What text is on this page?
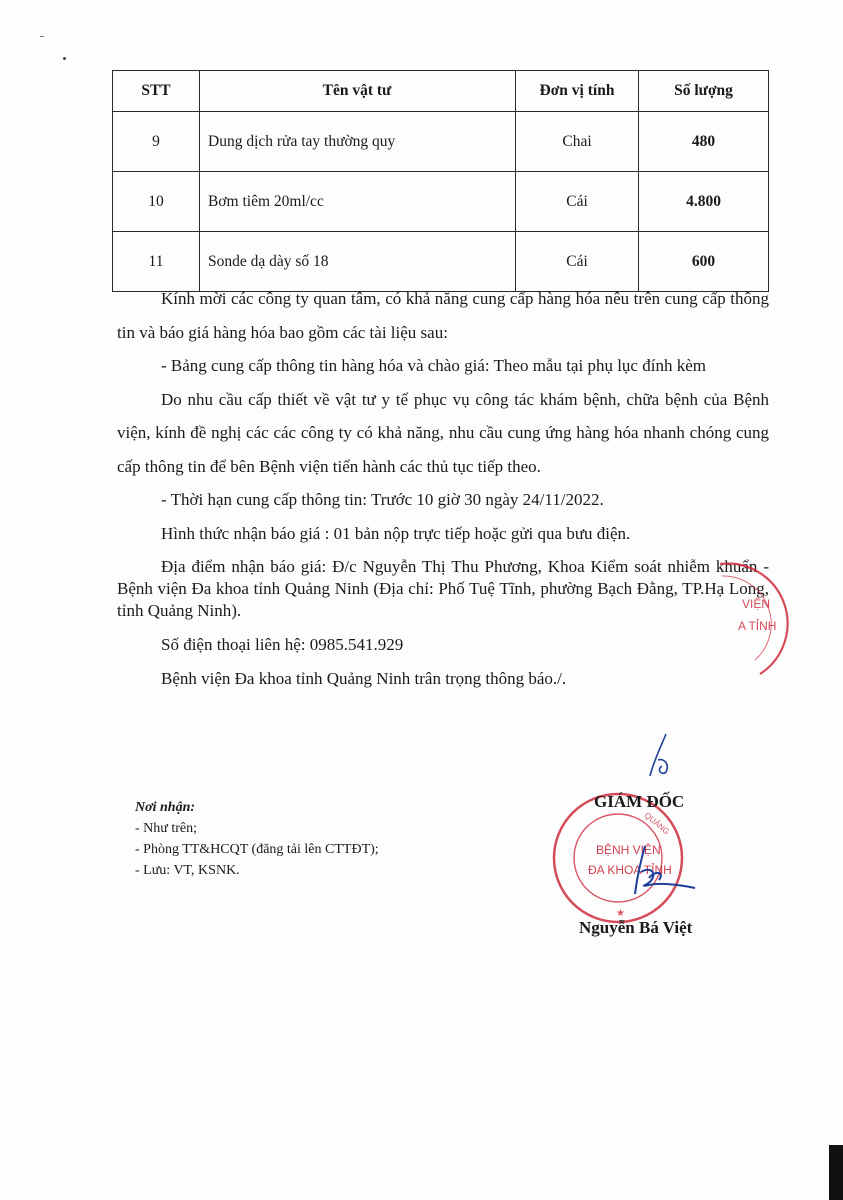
STT	Tên vật tư	Đơn vị tính	Số lượng
9	Dung dịch rửa tay thường quy	Chai	480
10	Bơm tiêm 20ml/cc	Cái	4.800
11	Sonde dạ dày số 18	Cái	600

Kính mời các công ty quan tâm, có khả năng cung cấp hàng hóa nêu trên cung cấp thông tin và báo giá hàng hóa bao gồm các tài liệu sau:

- Bảng cung cấp thông tin hàng hóa và chào giá: Theo mẫu tại phụ lục đính kèm

Do nhu cầu cấp thiết về vật tư y tế phục vụ công tác khám bệnh, chữa bệnh của Bệnh viện, kính đề nghị các các công ty có khả năng, nhu cầu cung ứng hàng hóa nhanh chóng cung cấp thông tin để bên Bệnh viện tiến hành các thủ tục tiếp theo.

- Thời hạn cung cấp thông tin: Trước 10 giờ 30 ngày 24/11/2022.

Hình thức nhận báo giá : 01 bản nộp trực tiếp hoặc gửi qua bưu điện.

Địa điểm nhận báo giá: Đ/c Nguyễn Thị Thu Phương, Khoa Kiểm soát nhiễm khuẩn - Bệnh viện Đa khoa tỉnh Quảng Ninh (Địa chỉ: Phố Tuệ Tĩnh, phường Bạch Đằng, TP.Hạ Long, tỉnh Quảng Ninh).

Số điện thoại liên hệ: 0985.541.929

Bệnh viện Đa khoa tỉnh Quảng Ninh trân trọng thông báo./.

Nơi nhận:
- Như trên;
- Phòng TT&HCQT (đăng tải lên CTTĐT);
- Lưu: VT, KSNK.
VIỆN
A TỈNH
BỆNH VIỆN
ĐA KHOA TỈNH
QUẢNG
★
GIÁM ĐỐC
Nguyễn Bá Việt
